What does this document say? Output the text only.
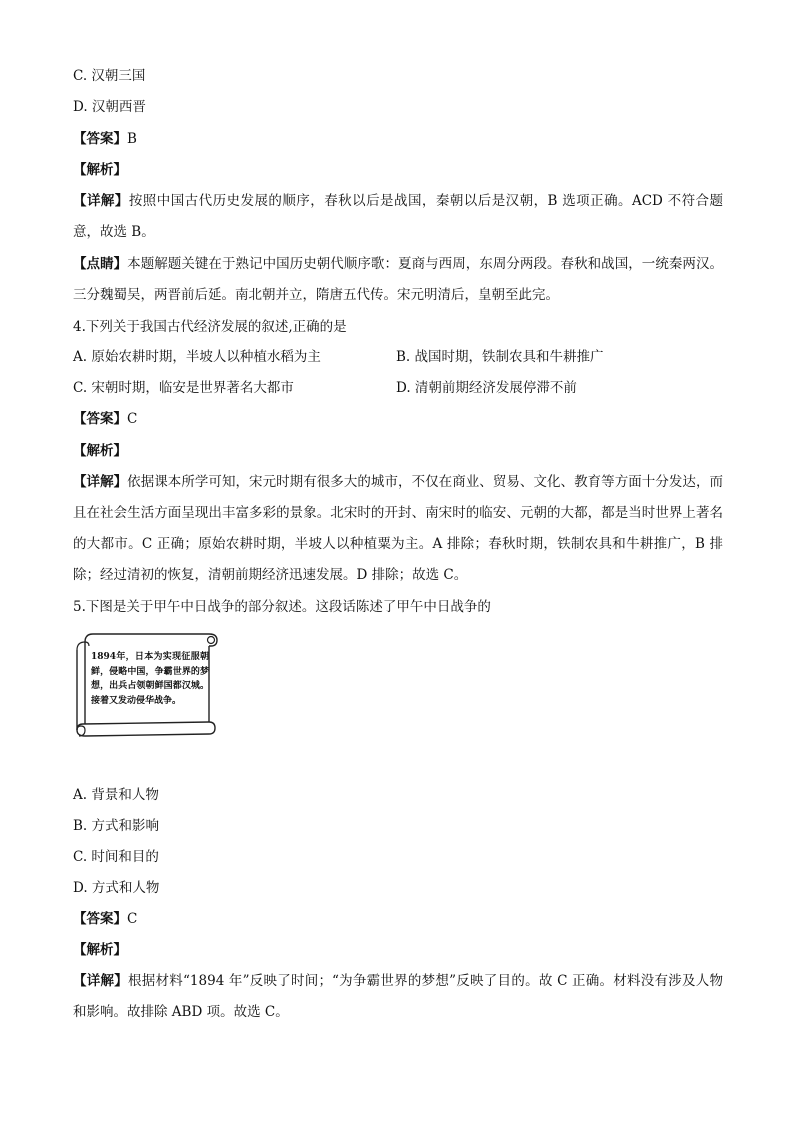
C. 汉朝三国
D. 汉朝西晋
【答案】B
【解析】
【详解】按照中国古代历史发展的顺序，春秋以后是战国，秦朝以后是汉朝，B 选项正确。ACD 不符合题意，故选 B。
【点睛】本题解题关键在于熟记中国历史朝代顺序歌：夏商与西周，东周分两段。春秋和战国，一统秦两汉。三分魏蜀吴，两晋前后延。南北朝并立，隋唐五代传。宋元明清后，皇朝至此完。
4.下列关于我国古代经济发展的叙述,正确的是
A. 原始农耕时期，半坡人以种植水稻为主	B. 战国时期，铁制农具和牛耕推广
C. 宋朝时期，临安是世界著名大都市	D. 清朝前期经济发展停滞不前
【答案】C
【解析】
【详解】依据课本所学可知，宋元时期有很多大的城市，不仅在商业、贸易、文化、教育等方面十分发达，而且在社会生活方面呈现出丰富多彩的景象。北宋时的开封、南宋时的临安、元朝的大都，都是当时世界上著名的大都市。C 正确；原始农耕时期，半坡人以种植粟为主。A 排除；春秋时期，铁制农具和牛耕推广，B 排除；经过清初的恢复，清朝前期经济迅速发展。D 排除；故选 C。
5.下图是关于甲午中日战争的部分叙述。这段话陈述了甲午中日战争的
1894年，日本为实现征服朝鲜，侵略中国，争霸世界的梦想，出兵占领朝鲜国都汉城。接着又发动侵华战争。
A. 背景和人物
B. 方式和影响
C. 时间和目的
D. 方式和人物
【答案】C
【解析】
【详解】根据材料“1894 年”反映了时间；“为争霸世界的梦想”反映了目的。故 C 正确。材料没有涉及人物和影响。故排除 ABD 项。故选 C。
